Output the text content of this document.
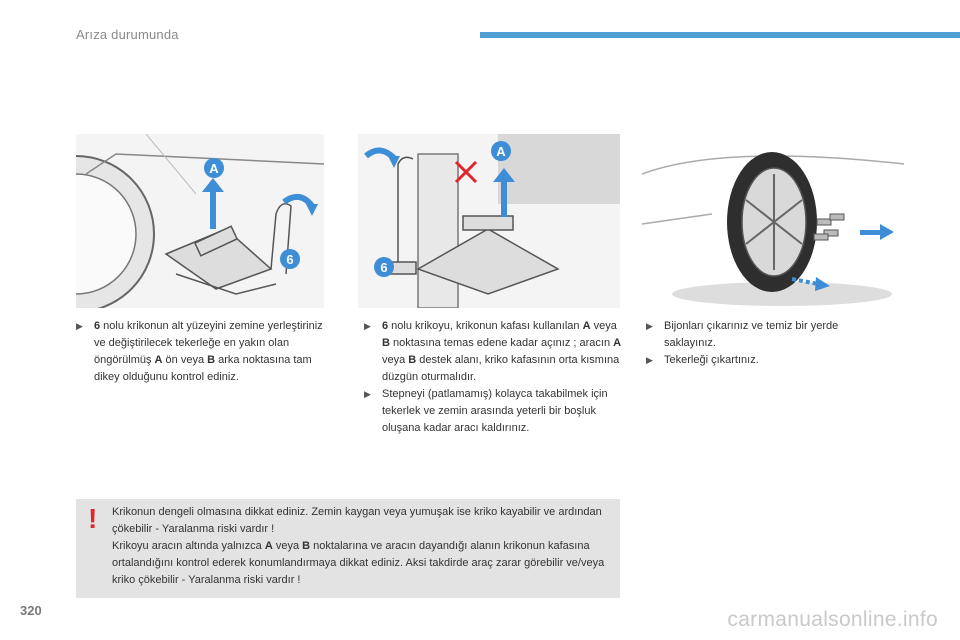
Arıza durumunda
A
6
A
6
▶ 6 nolu krikonun alt yüzeyini zemine yerleştiriniz ve değiştirilecek tekerleğe en yakın olan öngörülmüş A ön veya B arka noktasına tam dikey olduğunu kontrol ediniz.
▶ 6 nolu krikoyu, krikonun kafası kullanılan A veya B noktasına temas edene kadar açınız ; aracın A veya B destek alanı, kriko kafasının orta kısmına düzgün oturmalıdır.
▶ Stepneyi (patlamamış) kolayca takabilmek için tekerlek ve zemin arasında yeterli bir boşluk oluşana kadar aracı kaldırınız.
▶ Bijonları çıkarınız ve temiz bir yerde saklayınız.
▶ Tekerleği çıkartınız.
! Krikonun dengeli olmasına dikkat ediniz. Zemin kaygan veya yumuşak ise kriko kayabilir ve ardından çökebilir - Yaralanma riski vardır !
Krikoyu aracın altında yalnızca A veya B noktalarına ve aracın dayandığı alanın krikonun kafasına ortalandığını kontrol ederek konumlandırmaya dikkat ediniz. Aksi takdirde araç zarar görebilir ve/veya kriko çökebilir - Yaralanma riski vardır !
320	carmanualsonline.info
